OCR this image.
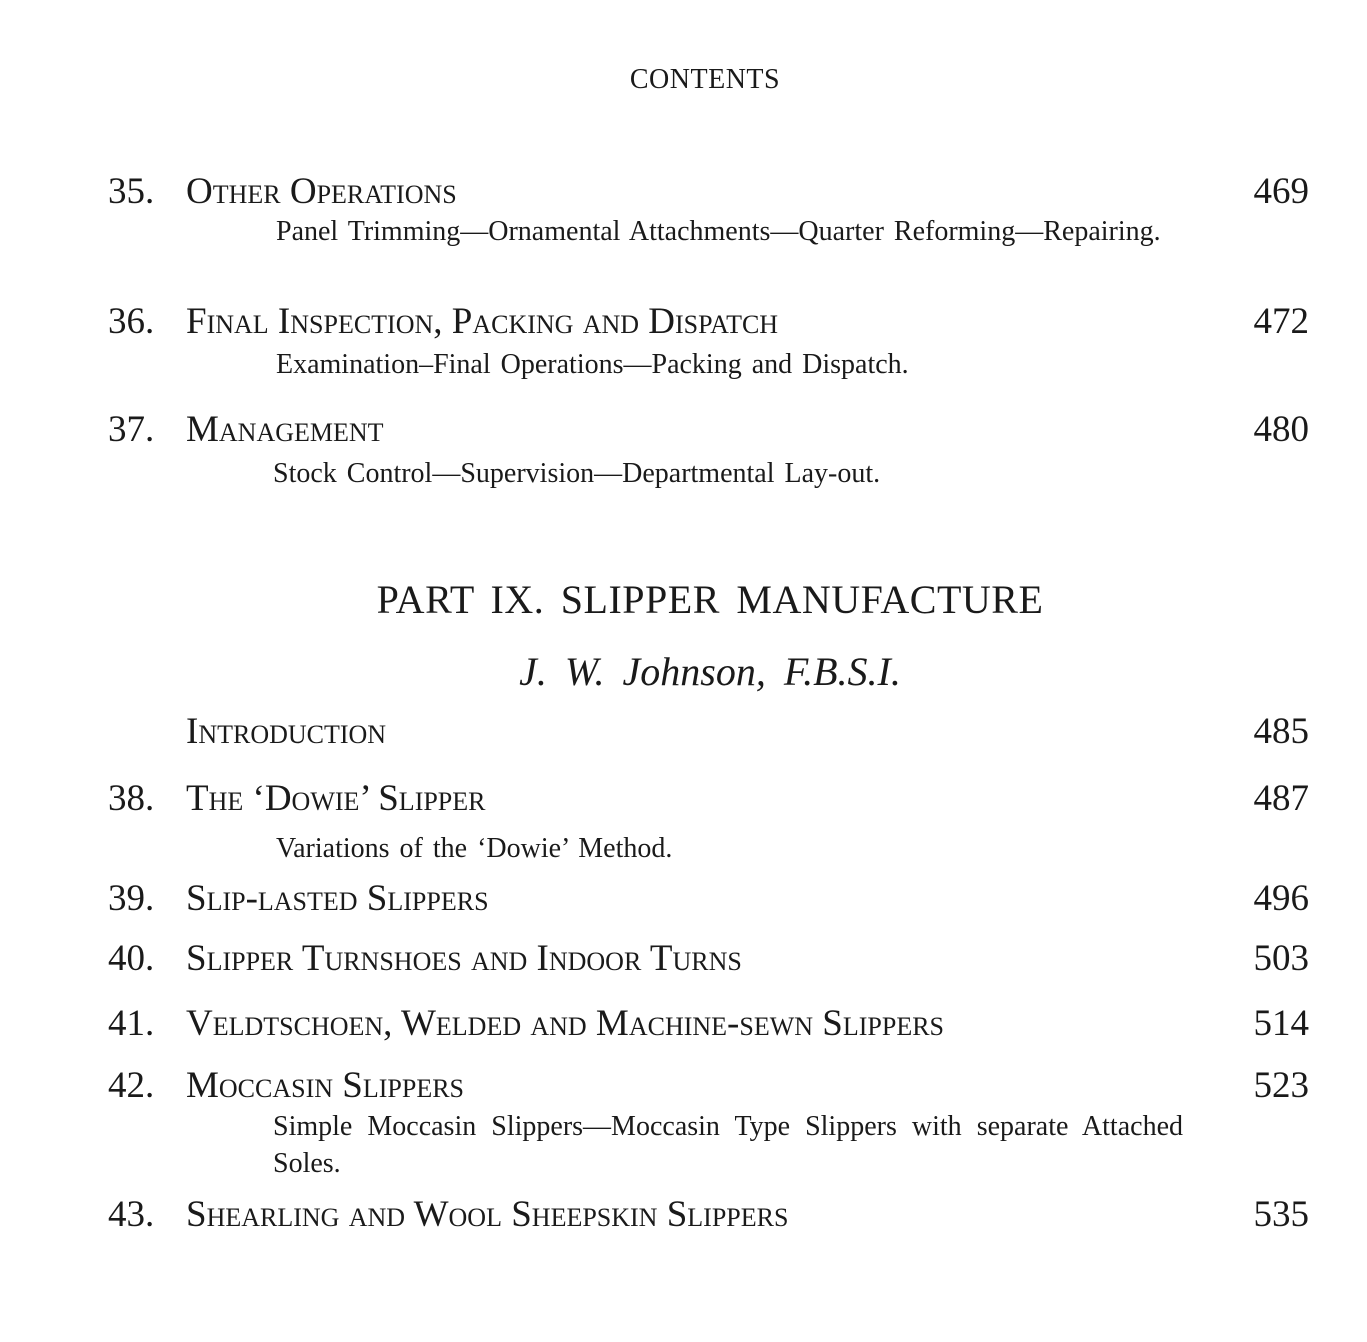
CONTENTS
35. Other Operations	469
Panel Trimming—Ornamental Attachments—Quarter Reforming—Repairing.
36. Final Inspection, Packing and Dispatch	472
Examination–Final Operations—Packing and Dispatch.
37. Management	480
Stock Control—Supervision—Departmental Lay-out.
PART IX. SLIPPER MANUFACTURE
J. W. Johnson, F.B.S.I.
Introduction	485
38. The ‘Dowie’ Slipper	487
Variations of the ‘Dowie’ Method.
39. Slip-lasted Slippers	496
40. Slipper Turnshoes and Indoor Turns	503
41. Veldtschoen, Welded and Machine-sewn Slippers	514
42. Moccasin Slippers	523
Simple Moccasin Slippers—Moccasin Type Slippers with separate Attached Soles.
43. Shearling and Wool Sheepskin Slippers	535
